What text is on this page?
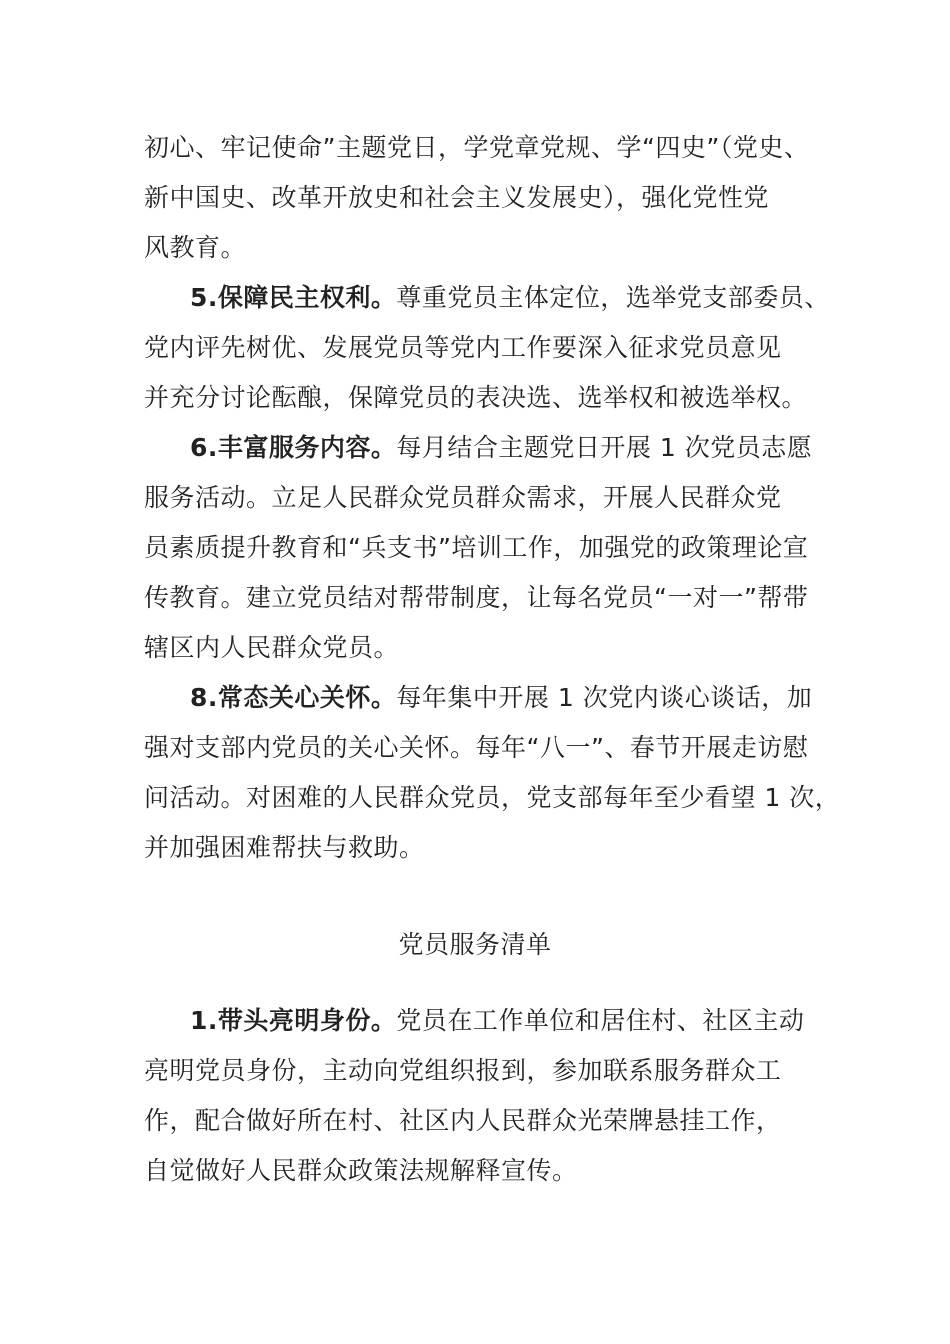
初心、牢记使命”主题党日，学党章党规、学“四史”（党史、
新中国史、改革开放史和社会主义发展史），强化党性党
风教育。
5.保障民主权利。尊重党员主体定位，选举党支部委员、
党内评先树优、发展党员等党内工作要深入征求党员意见
并充分讨论酝酿，保障党员的表决选、选举权和被选举权。
6.丰富服务内容。每月结合主题党日开展 1 次党员志愿
服务活动。立足人民群众党员群众需求，开展人民群众党
员素质提升教育和“兵支书”培训工作，加强党的政策理论宣
传教育。建立党员结对帮带制度，让每名党员“一对一”帮带
辖区内人民群众党员。
8.常态关心关怀。每年集中开展 1 次党内谈心谈话，加
强对支部内党员的关心关怀。每年“八一”、春节开展走访慰
问活动。对困难的人民群众党员，党支部每年至少看望 1 次，
并加强困难帮扶与救助。
党员服务清单
1.带头亮明身份。党员在工作单位和居住村、社区主动
亮明党员身份，主动向党组织报到，参加联系服务群众工
作，配合做好所在村、社区内人民群众光荣牌悬挂工作，
自觉做好人民群众政策法规解释宣传。
